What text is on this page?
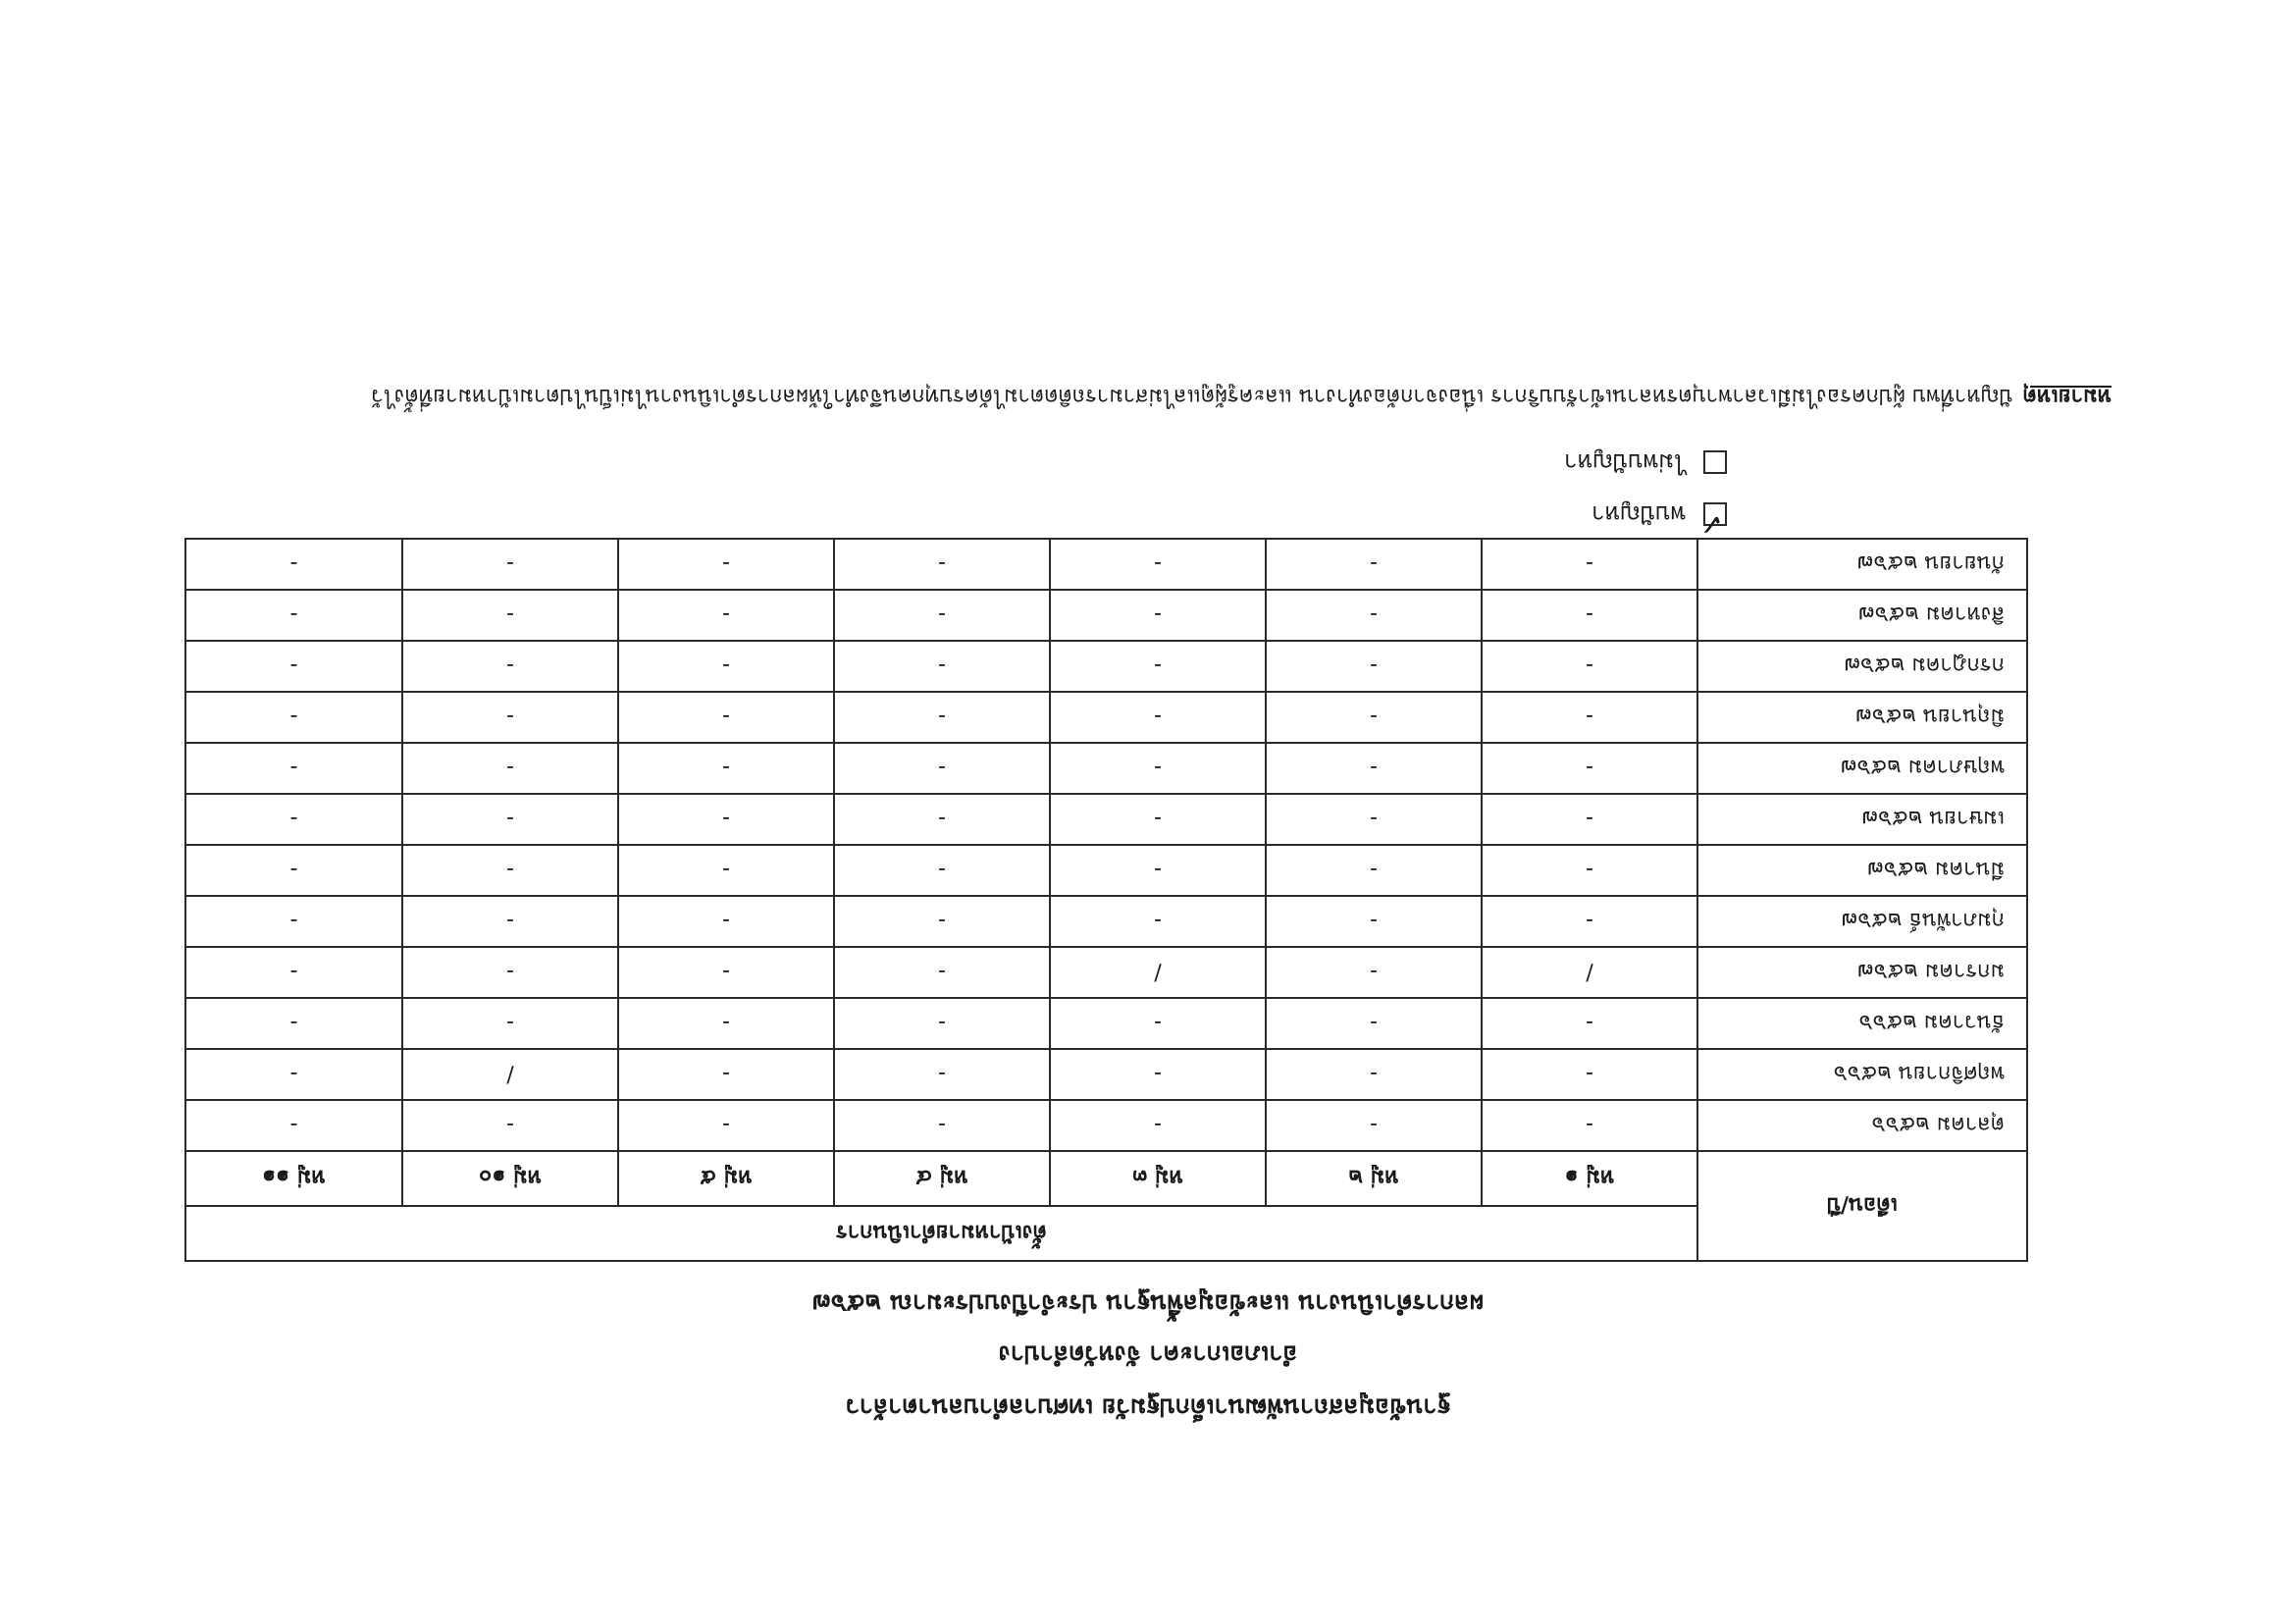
ฐานข้อมูลสถานพัฒนาเด็กปฐมวัย เทศบาลตำบลนาตาล้าว
อำเภอเกาะคา จังหวัดลำปาง
ผลการดำเนินงาน และข้อมูลพื้นฐาน ประจำปีงบประมาณ ๒๕๖๗
เดือน/ปี	ตั้งเป้าหมายดำเนินการ						
	หมู่ ๑	หมู่ ๒	หมู่ ๓	หมู่ ๔	หมู่ ๕	หมู่ ๑๐	หมู่ ๑๑
ตุลาคม ๒๕๖๖	-	-	-	-	-	-	-
พฤศจิกายน ๒๕๖๖	-	-	-	-	-	/	-
ธันวาคม ๒๕๖๖	-	-	-	-	-	-	-
มกราคม ๒๕๖๗	/	-	/	-	-	-	-
กุมภาพันธ์ ๒๕๖๗	-	-	-	-	-	-	-
มีนาคม ๒๕๖๗	-	-	-	-	-	-	-
เมษายน ๒๕๖๗	-	-	-	-	-	-	-
พฤษภาคม ๒๕๖๗	-	-	-	-	-	-	-
มิถุนายน ๒๕๖๗	-	-	-	-	-	-	-
กรกฎาคม ๒๕๖๗	-	-	-	-	-	-	-
สิงหาคม ๒๕๖๗	-	-	-	-	-	-	-
กันยายน ๒๕๖๗	-	-	-	-	-	-	-
✓
พบปัญหา
ไม่พบปัญหา
หมายเหตุปัญหาที่พบ ผู้ปกครองไม่มีเวลาพาบุตรหลานเข้ารับบริการ เนื่องจากต้องทำงาน และครูผู้ดูแลไม่สามารถติดตามได้ครบทุกคนจึงทำให้ผลการดำเนินงานไม่เป็นไปตามเป้าหมายที่ตั้งไว้
